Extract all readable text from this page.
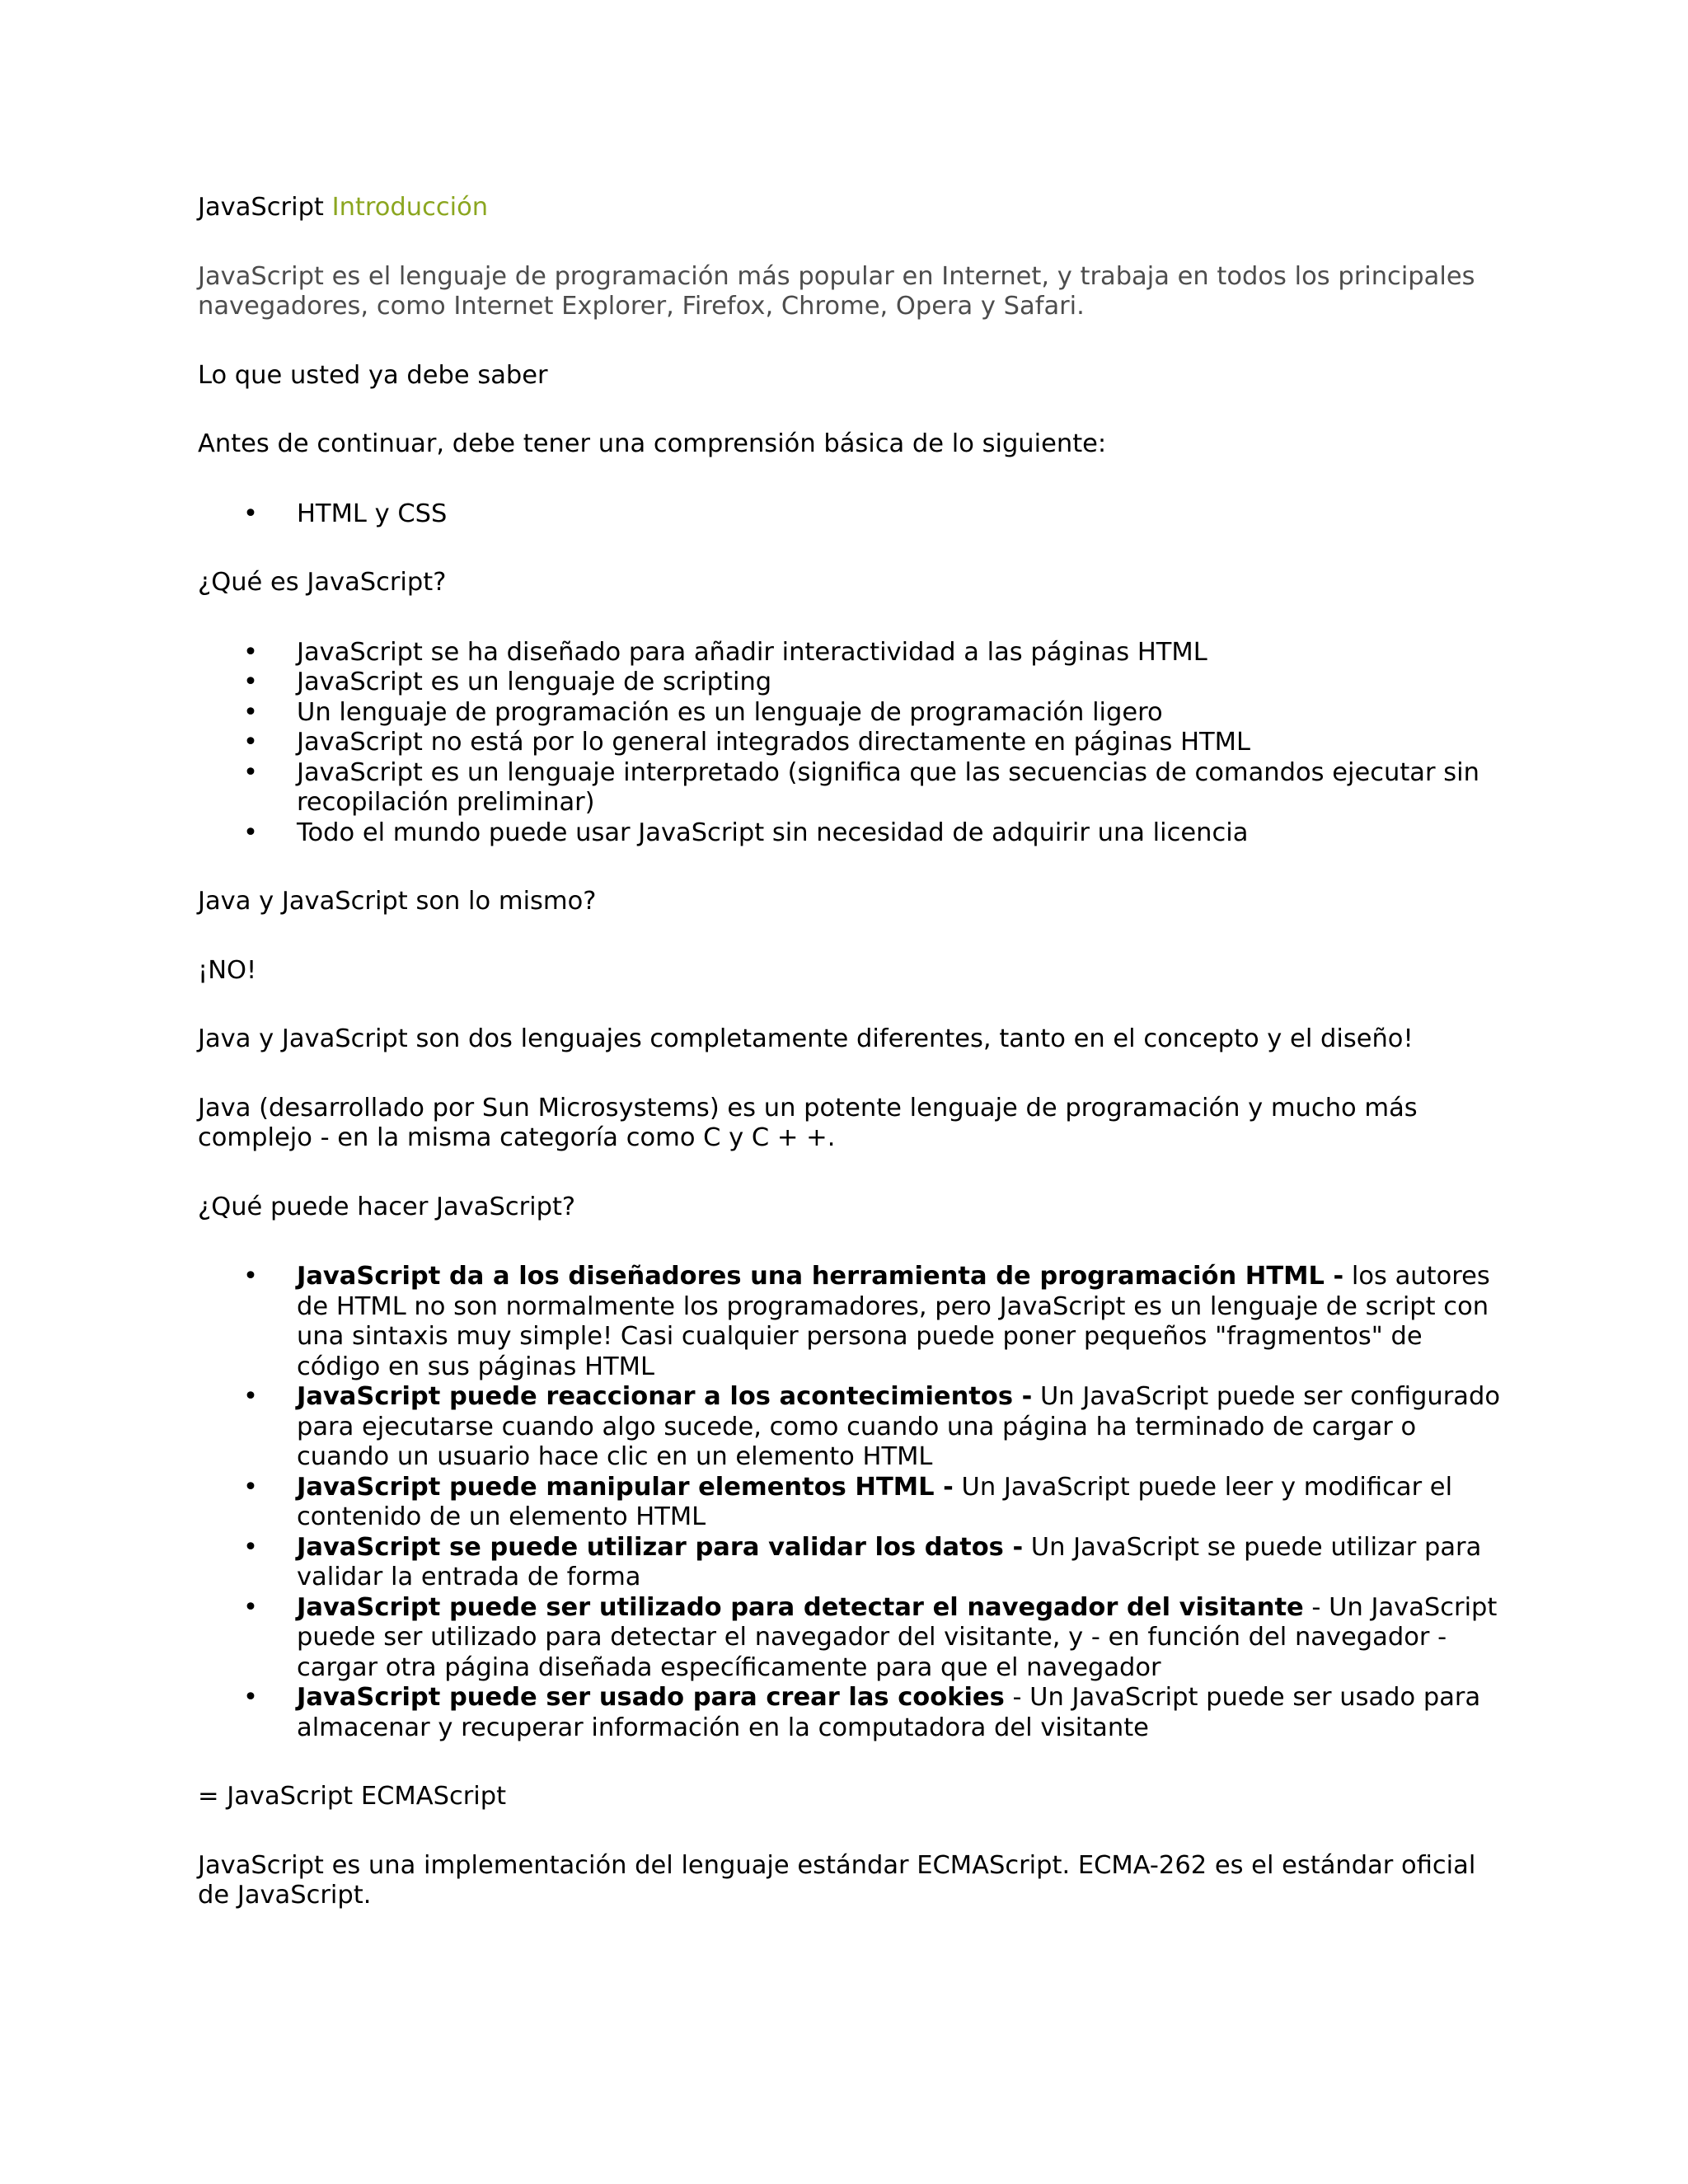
JavaScript Introducción

JavaScript es el lenguaje de programación más popular en Internet, y trabaja en todos los principales navegadores, como Internet Explorer, Firefox, Chrome, Opera y Safari.

Lo que usted ya debe saber

Antes de continuar, debe tener una comprensión básica de lo siguiente:

• HTML y CSS

¿Qué es JavaScript?

• JavaScript se ha diseñado para añadir interactividad a las páginas HTML
• JavaScript es un lenguaje de scripting
• Un lenguaje de programación es un lenguaje de programación ligero
• JavaScript no está por lo general integrados directamente en páginas HTML
• JavaScript es un lenguaje interpretado (significa que las secuencias de comandos ejecutar sin recopilación preliminar)
• Todo el mundo puede usar JavaScript sin necesidad de adquirir una licencia

Java y JavaScript son lo mismo?

¡NO!

Java y JavaScript son dos lenguajes completamente diferentes, tanto en el concepto y el diseño!

Java (desarrollado por Sun Microsystems) es un potente lenguaje de programación y mucho más complejo - en la misma categoría como C y C + +.

¿Qué puede hacer JavaScript?

• JavaScript da a los diseñadores una herramienta de programación HTML - los autores de HTML no son normalmente los programadores, pero JavaScript es un lenguaje de script con una sintaxis muy simple! Casi cualquier persona puede poner pequeños "fragmentos" de código en sus páginas HTML
• JavaScript puede reaccionar a los acontecimientos - Un JavaScript puede ser configurado para ejecutarse cuando algo sucede, como cuando una página ha terminado de cargar o cuando un usuario hace clic en un elemento HTML
• JavaScript puede manipular elementos HTML - Un JavaScript puede leer y modificar el contenido de un elemento HTML
• JavaScript se puede utilizar para validar los datos - Un JavaScript se puede utilizar para validar la entrada de forma
• JavaScript puede ser utilizado para detectar el navegador del visitante - Un JavaScript puede ser utilizado para detectar el navegador del visitante, y - en función del navegador - cargar otra página diseñada específicamente para que el navegador
• JavaScript puede ser usado para crear las cookies - Un JavaScript puede ser usado para almacenar y recuperar información en la computadora del visitante

= JavaScript ECMAScript

JavaScript es una implementación del lenguaje estándar ECMAScript. ECMA-262 es el estándar oficial de JavaScript.
